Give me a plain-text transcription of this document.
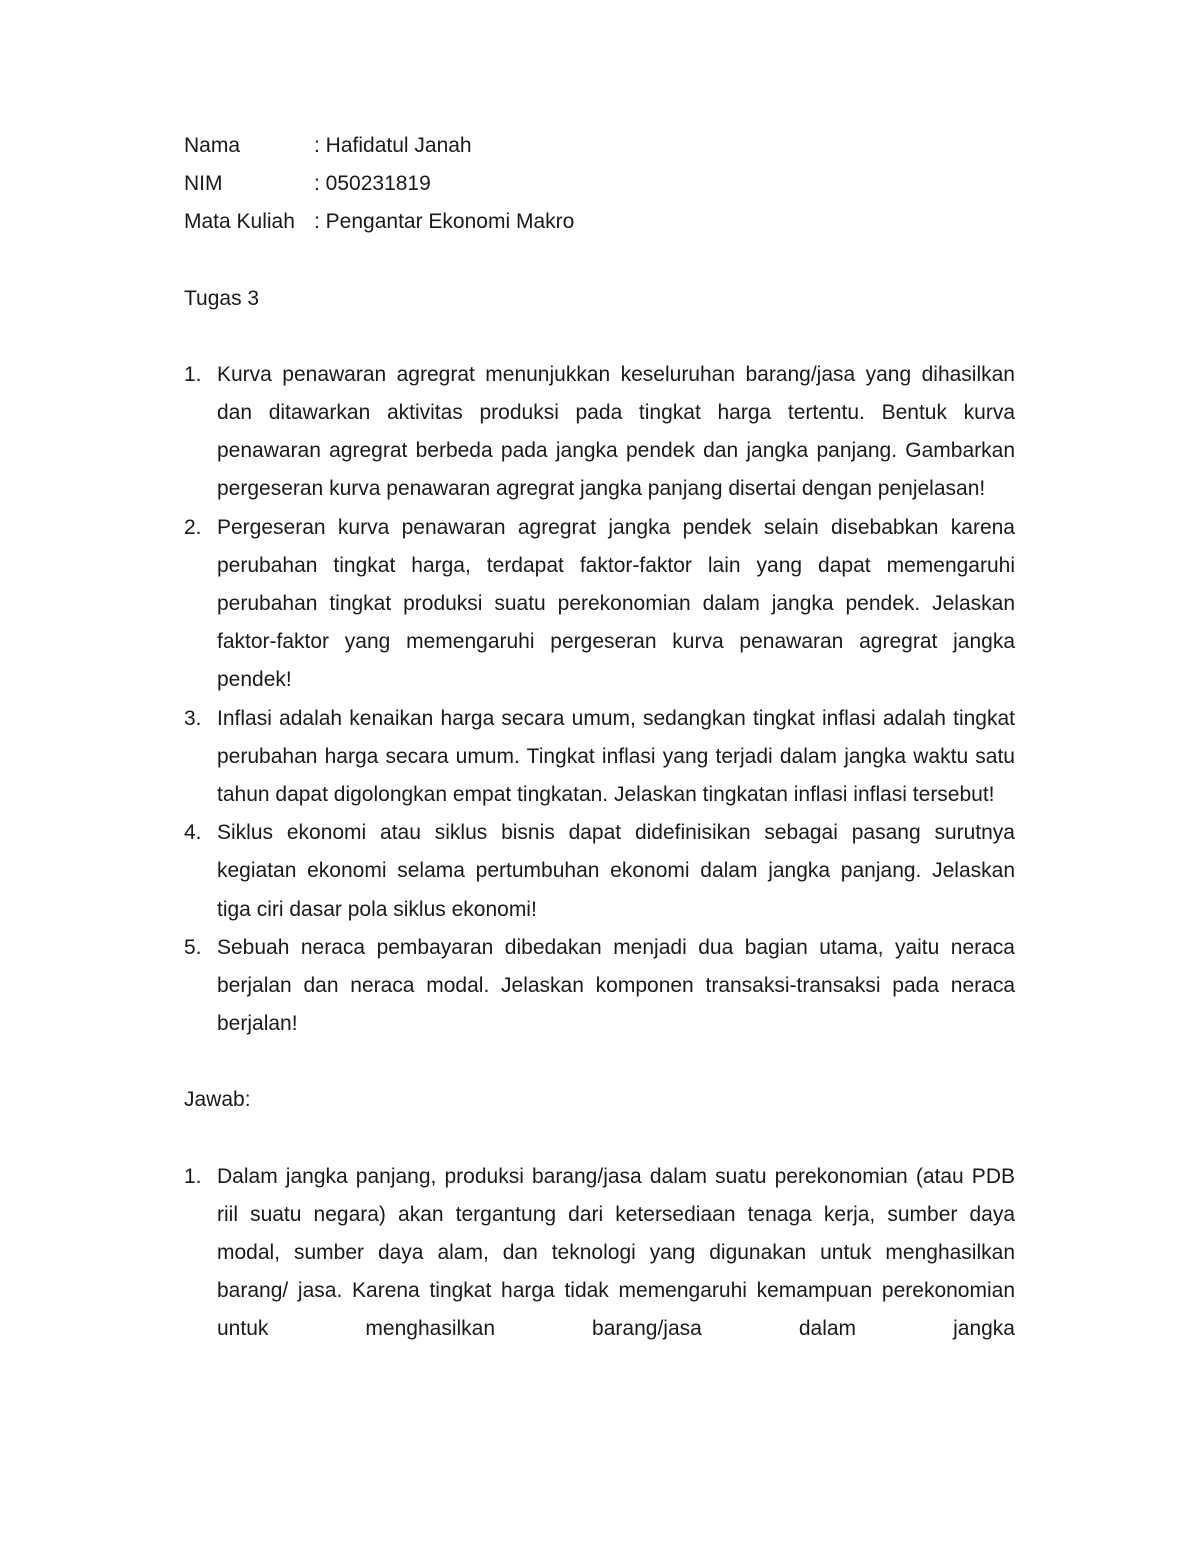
Nama	: Hafidatul Janah
NIM	: 050231819
Mata Kuliah : Pengantar Ekonomi Makro
Tugas 3
1. Kurva penawaran agregrat menunjukkan keseluruhan barang/jasa yang dihasilkan dan ditawarkan aktivitas produksi pada tingkat harga tertentu. Bentuk kurva penawaran agregrat berbeda pada jangka pendek dan jangka panjang. Gambarkan pergeseran kurva penawaran agregrat jangka panjang disertai dengan penjelasan!
2. Pergeseran kurva penawaran agregrat jangka pendek selain disebabkan karena perubahan tingkat harga, terdapat faktor-faktor lain yang dapat memengaruhi perubahan tingkat produksi suatu perekonomian dalam jangka pendek. Jelaskan faktor-faktor yang memengaruhi pergeseran kurva penawaran agregrat jangka pendek!
3. Inflasi adalah kenaikan harga secara umum, sedangkan tingkat inflasi adalah tingkat perubahan harga secara umum. Tingkat inflasi yang terjadi dalam jangka waktu satu tahun dapat digolongkan empat tingkatan. Jelaskan tingkatan inflasi inflasi tersebut!
4. Siklus ekonomi atau siklus bisnis dapat didefinisikan sebagai pasang surutnya kegiatan ekonomi selama pertumbuhan ekonomi dalam jangka panjang. Jelaskan tiga ciri dasar pola siklus ekonomi!
5. Sebuah neraca pembayaran dibedakan menjadi dua bagian utama, yaitu neraca berjalan dan neraca modal. Jelaskan komponen transaksi-transaksi pada neraca berjalan!
Jawab:
1. Dalam jangka panjang, produksi barang/jasa dalam suatu perekonomian (atau PDB riil suatu negara) akan tergantung dari ketersediaan tenaga kerja, sumber daya modal, sumber daya alam, dan teknologi yang digunakan untuk menghasilkan barang/ jasa. Karena tingkat harga tidak memengaruhi kemampuan perekonomian untuk menghasilkan barang/jasa dalam jangka
